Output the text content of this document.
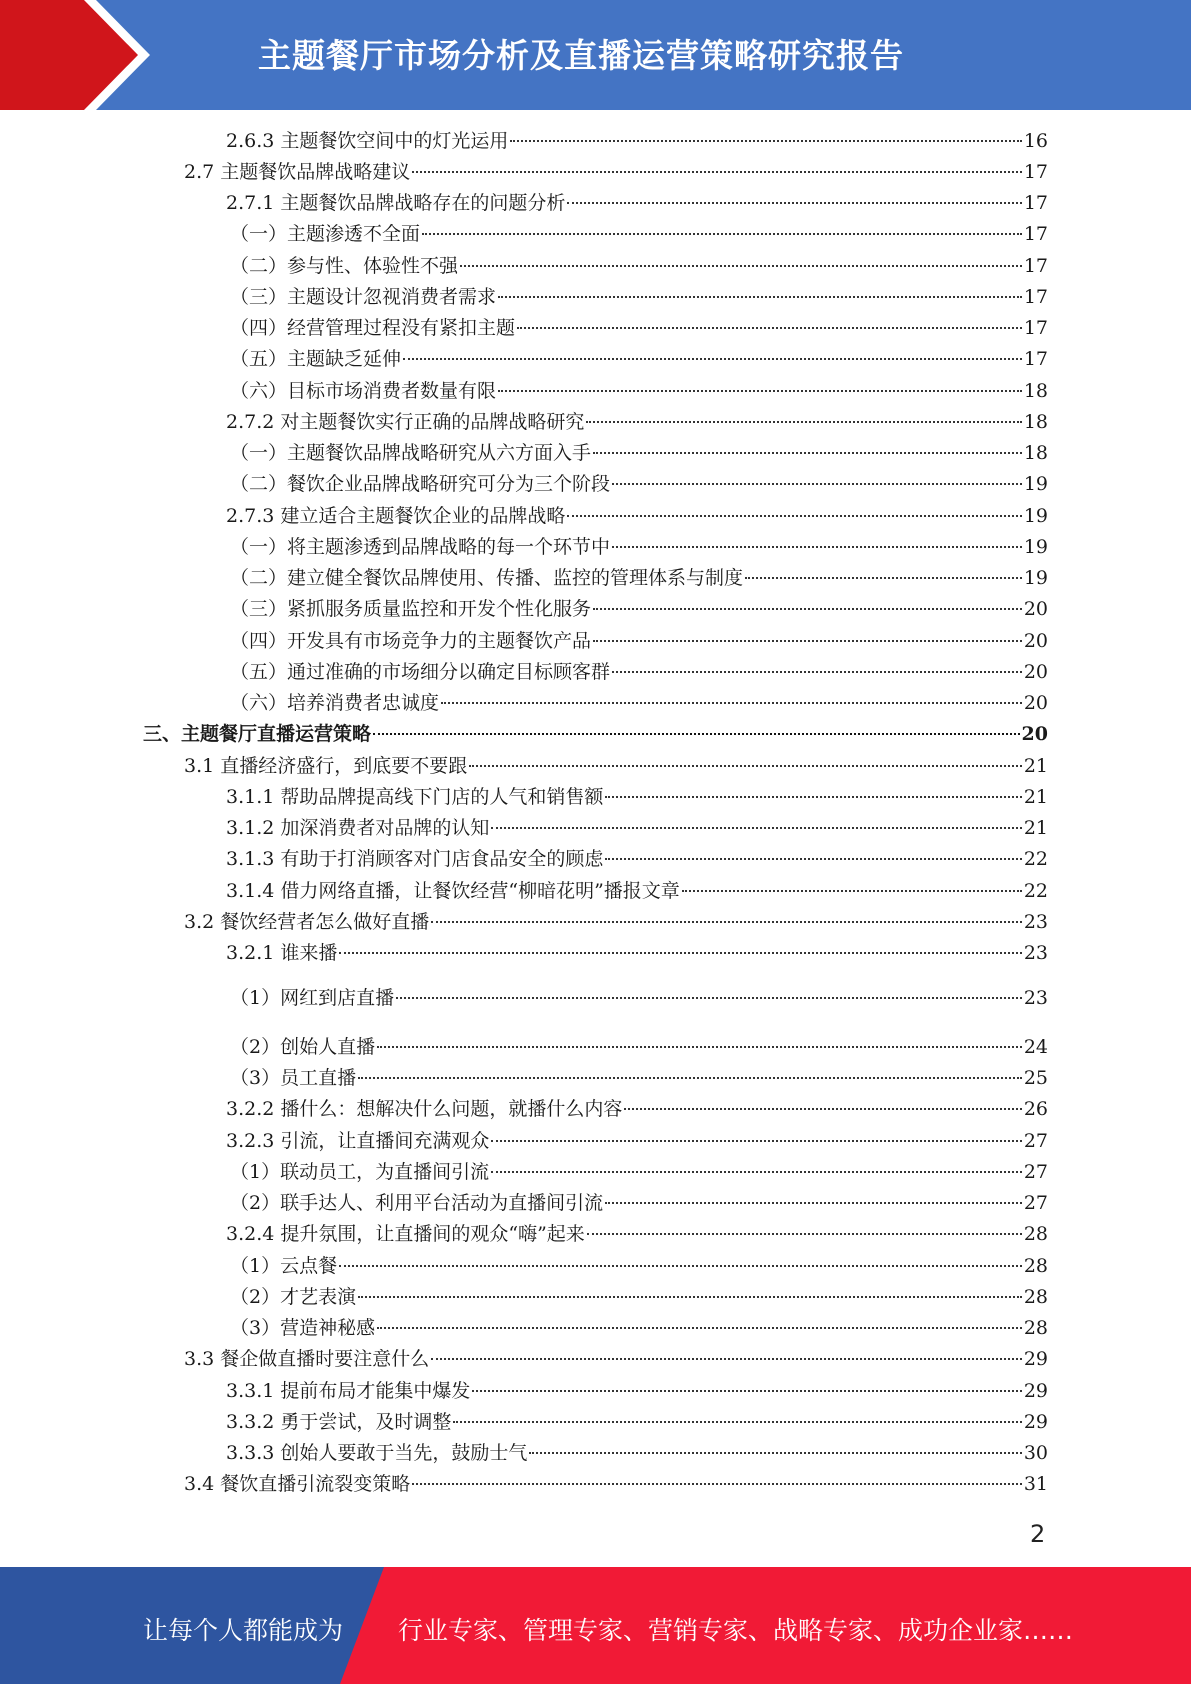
主题餐厅市场分析及直播运营策略研究报告
2.6.3 主题餐饮空间中的灯光运用	16
2.7 主题餐饮品牌战略建议	17
2.7.1 主题餐饮品牌战略存在的问题分析	17
（一）主题渗透不全面	17
（二）参与性、体验性不强	17
（三）主题设计忽视消费者需求	17
（四）经营管理过程没有紧扣主题	17
（五）主题缺乏延伸	17
（六）目标市场消费者数量有限	18
2.7.2 对主题餐饮实行正确的品牌战略研究	18
（一）主题餐饮品牌战略研究从六方面入手	18
（二）餐饮企业品牌战略研究可分为三个阶段	19
2.7.3 建立适合主题餐饮企业的品牌战略	19
（一）将主题渗透到品牌战略的每一个环节中	19
（二）建立健全餐饮品牌使用、传播、监控的管理体系与制度	19
（三）紧抓服务质量监控和开发个性化服务	20
（四）开发具有市场竞争力的主题餐饮产品	20
（五）通过准确的市场细分以确定目标顾客群	20
（六）培养消费者忠诚度	20
三、主题餐厅直播运营策略	20
3.1 直播经济盛行，到底要不要跟	21
3.1.1 帮助品牌提高线下门店的人气和销售额	21
3.1.2 加深消费者对品牌的认知	21
3.1.3 有助于打消顾客对门店食品安全的顾虑	22
3.1.4 借力网络直播，让餐饮经营“柳暗花明”播报文章	22
3.2 餐饮经营者怎么做好直播	23
3.2.1 谁来播	23
（1）网红到店直播	23
（2）创始人直播	24
（3）员工直播	25
3.2.2 播什么：想解决什么问题，就播什么内容	26
3.2.3 引流，让直播间充满观众	27
（1）联动员工，为直播间引流	27
（2）联手达人、利用平台活动为直播间引流	27
3.2.4 提升氛围，让直播间的观众“嗨”起来	28
（1）云点餐	28
（2）才艺表演	28
（3）营造神秘感	28
3.3 餐企做直播时要注意什么	29
3.3.1 提前布局才能集中爆发	29
3.3.2 勇于尝试，及时调整	29
3.3.3 创始人要敢于当先，鼓励士气	30
3.4 餐饮直播引流裂变策略	31
2
让每个人都能成为 行业专家、管理专家、营销专家、战略专家、成功企业家……
